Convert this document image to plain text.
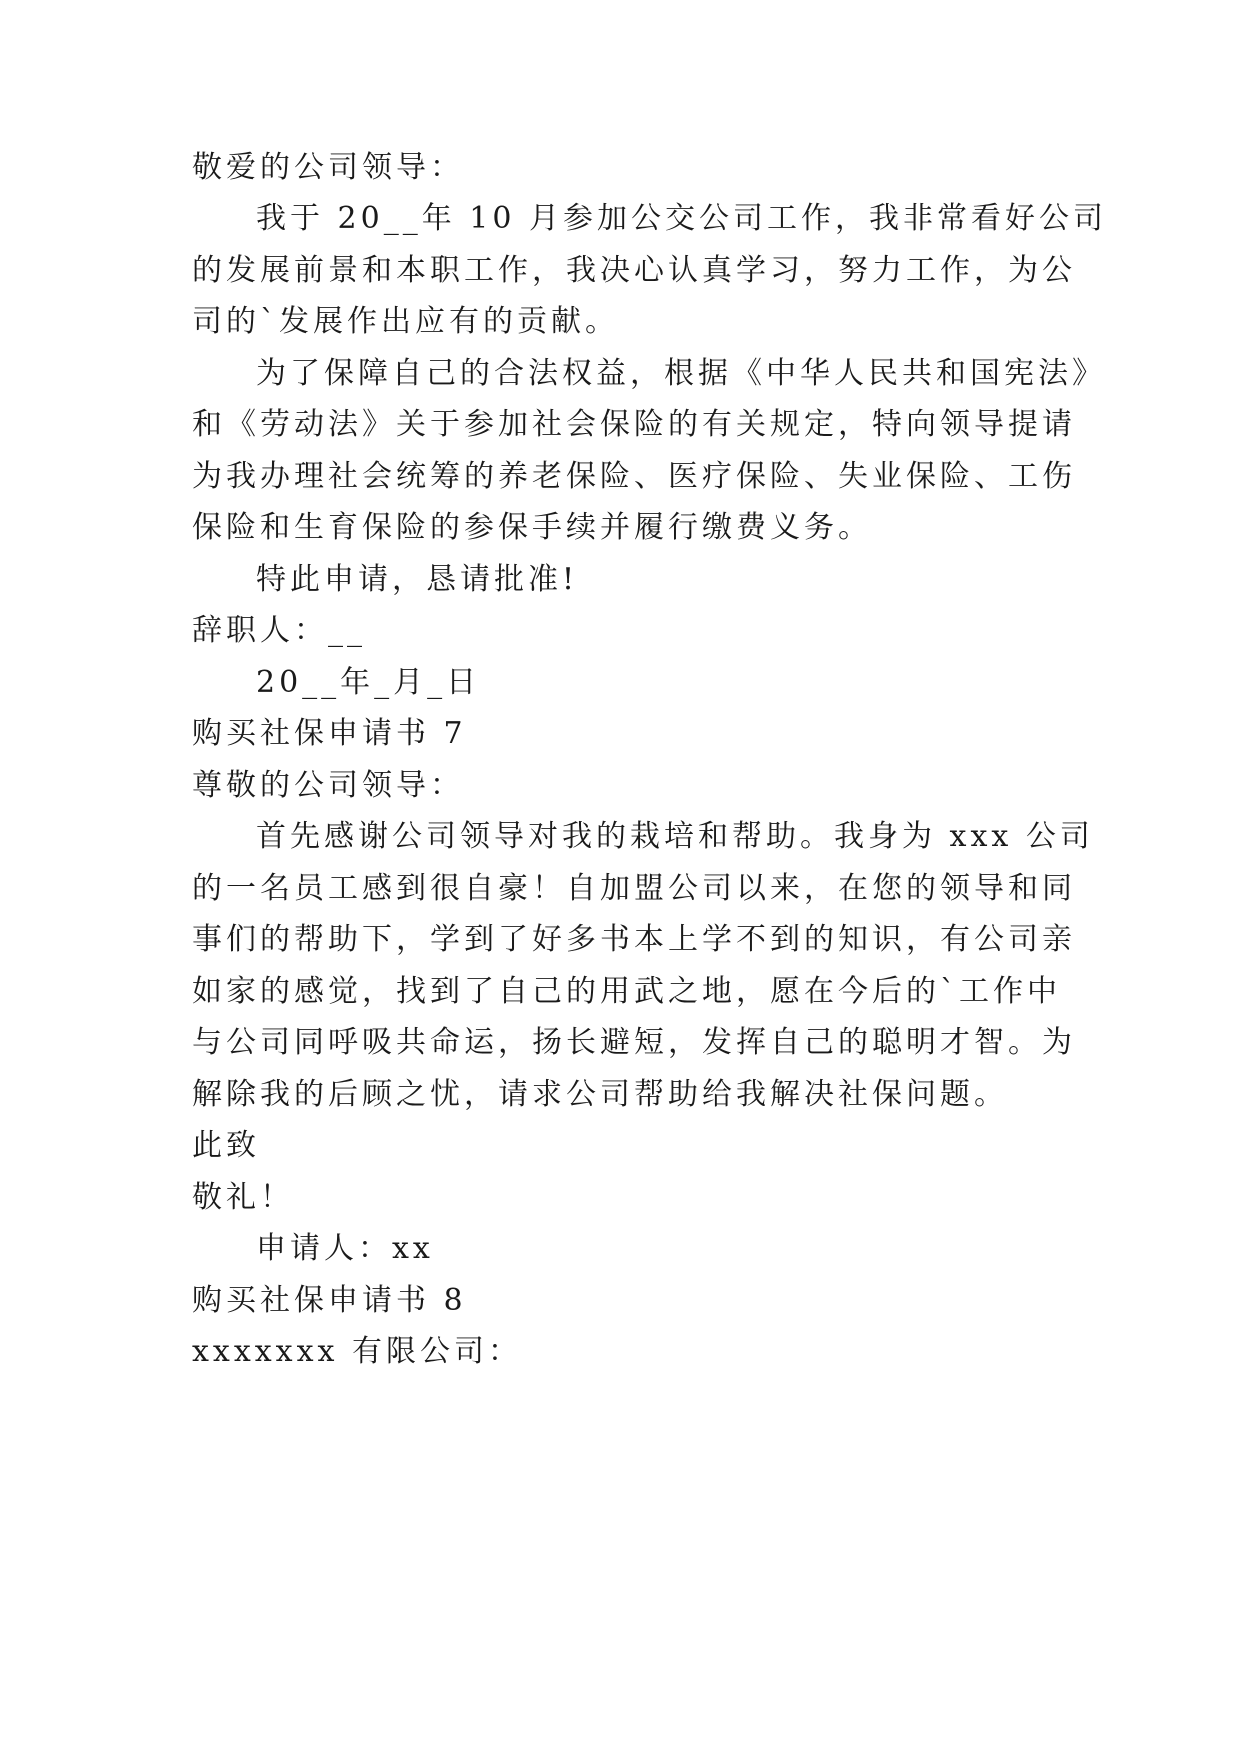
敬爱的公司领导：
我于 20__年 10 月参加公交公司工作，我非常看好公司
的发展前景和本职工作，我决心认真学习，努力工作，为公
司的`发展作出应有的贡献。
为了保障自己的合法权益，根据《中华人民共和国宪法》
和《劳动法》关于参加社会保险的有关规定，特向领导提请
为我办理社会统筹的养老保险、医疗保险、失业保险、工伤
保险和生育保险的参保手续并履行缴费义务。
特此申请，恳请批准!
辞职人：__
20__年_月_日
购买社保申请书 7
尊敬的公司领导：
首先感谢公司领导对我的栽培和帮助。我身为 xxx 公司
的一名员工感到很自豪！自加盟公司以来，在您的领导和同
事们的帮助下，学到了好多书本上学不到的知识，有公司亲
如家的感觉，找到了自己的用武之地，愿在今后的`工作中
与公司同呼吸共命运，扬长避短，发挥自己的聪明才智。为
解除我的后顾之忧，请求公司帮助给我解决社保问题。
此致
敬礼！
申请人：xx
购买社保申请书 8
xxxxxxx 有限公司：
